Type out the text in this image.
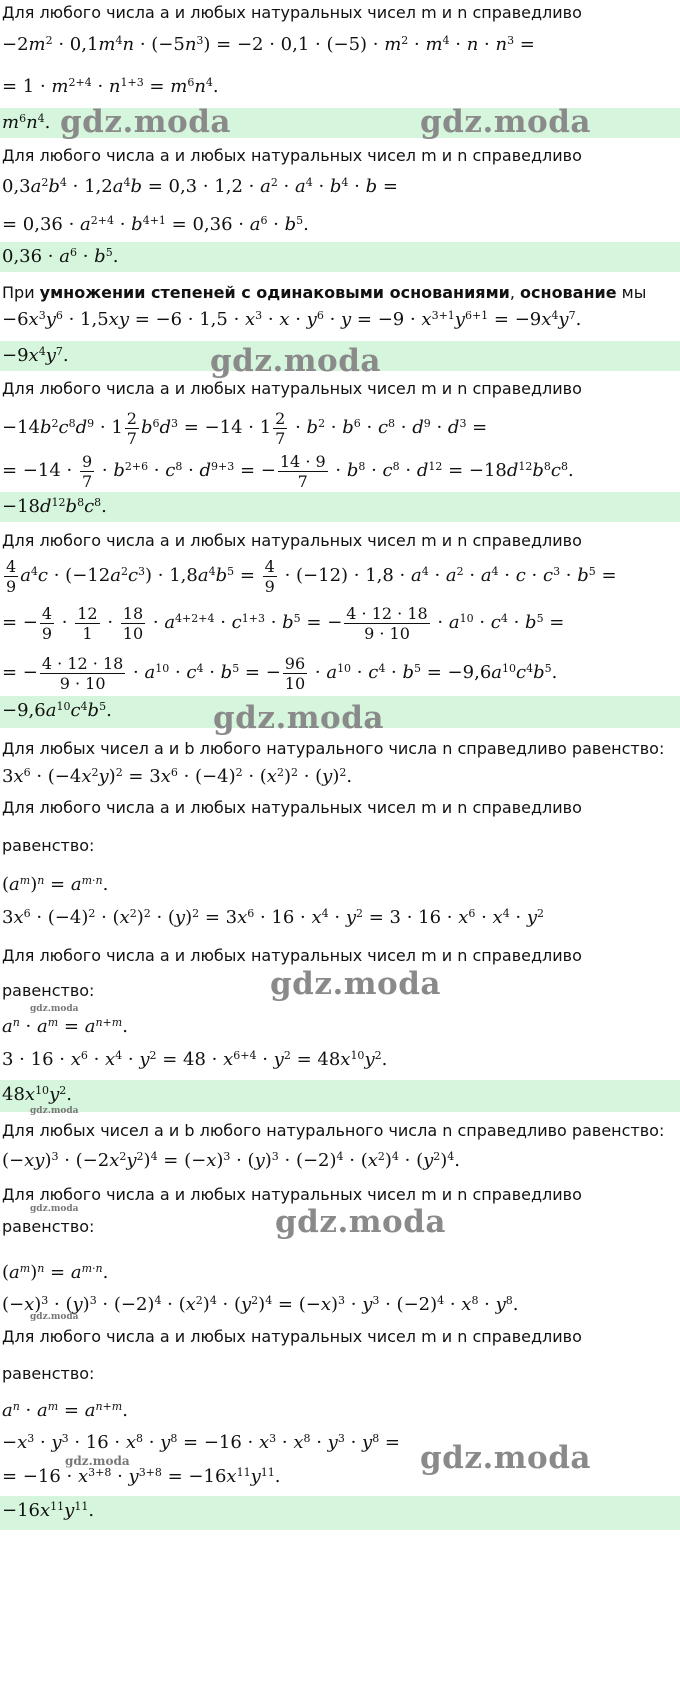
Для любого числа a и любых натуральных чисел m и n справедливо
$-2m^2 \cdot 0,1m^4n \cdot (-5n^3) = -2 \cdot 0,1 \cdot (-5) \cdot m^2 \cdot m^4 \cdot n \cdot n^3$ =
= $1 \cdot m^{2+4} \cdot n^{1+3} = m^6n^4$.
$m^6n^4$. gdz.moda	gdz.moda
Для любого числа a и любых натуральных чисел m и n справедливо
$0,3a^2b^4 \cdot 1,2a^4b = 0,3 \cdot 1,2 \cdot a^2 \cdot a^4 \cdot b^4 \cdot b$ =
= $0,36 \cdot a^{2+4} \cdot b^{4+1} = 0,36 \cdot a^6 \cdot b^5$.
$0,36 \cdot a^6 \cdot b^5$.
При умножении степеней с одинаковыми основаниями, основание мы
$-6x^3y^6 \cdot 1,5xy = -6 \cdot 1,5 \cdot x^3 \cdot x \cdot y^6 \cdot y = -9 \cdot x^{3+1}y^{6+1} = -9x^4y^7$.
$-9x^4y^7$.	gdz.moda
Для любого числа a и любых натуральных чисел m и n справедливо
$-14b^2c^8d^9 \cdot 1 \frac{2}{7} b^6d^3 = -14 \cdot 1 \frac{2}{7} \cdot b^2 \cdot b^6 \cdot c^8 \cdot d^9 \cdot d^3$ =
= $-14 \cdot \frac{9}{7} \cdot b^{2+6} \cdot c^8 \cdot d^{9+3}$ = − $\frac{14 \cdot 9}{7} \cdot b^8 \cdot c^8 \cdot d^{12} = -18d^{12}b^8c^8$.
$-18d^{12}b^8c^8$.
Для любого числа a и любых натуральных чисел m и n справедливо
$\frac{4}{9} a^4c \cdot (-12a^2c^3) \cdot 1,8a^4b^5 = \frac{4}{9} \cdot (-12) \cdot 1,8 \cdot a^4 \cdot a^2 \cdot a^4 \cdot c \cdot c^3 \cdot b^5$ =
= − $\frac{4}{9} \cdot \frac{12}{1} \cdot \frac{18}{10} \cdot a^{4+2+4} \cdot c^{1+3} \cdot b^5$ = − $\frac{4 \cdot 12 \cdot 18}{9 \cdot 10} \cdot a^{10} \cdot c^4 \cdot b^5$ =
= − $\frac{4 \cdot 12 \cdot 18}{9 \cdot 10} \cdot a^{10} \cdot c^4 \cdot b^5$ = − $\frac{96}{10} \cdot a^{10} \cdot c^4 \cdot b^5 = -9,6a^{10}c^4b^5$.
$-9,6a^{10}c^4b^5$.	gdz.moda
Для любых чисел a и b любого натурального числа n справедливо равенство:
$3x^6 \cdot (-4x^2y)^2 = 3x^6 \cdot (-4)^2 \cdot (x^2)^2 \cdot (y)^2$.
Для любого числа a и любых натуральных чисел m и n справедливо
равенство:
$(a^m)^n = a^{m\cdot n}$.
$3x^6 \cdot (-4)^2 \cdot (x^2)^2 \cdot (y)^2 = 3x^6 \cdot 16 \cdot x^4 \cdot y^2 = 3 \cdot 16 \cdot x^6 \cdot x^4 \cdot y^2$
Для любого числа a и любых натуральных чисел m и n справедливо
равенство:	gdz.moda
gdz.moda
$a^n \cdot a^m = a^{n+m}$.
$3 \cdot 16 \cdot x^6 \cdot x^4 \cdot y^2 = 48 \cdot x^{6+4} \cdot y^2 = 48x^{10}y^2$.
$48x^{10}y^2$.
gdz.moda
Для любых чисел a и b любого натурального числа n справедливо равенство:
$(-xy)^3 \cdot (-2x^2y^2)^4 = (-x)^3 \cdot (y)^3 \cdot (-2)^4 \cdot (x^2)^4 \cdot (y^2)^4$.
Для любого числа a и любых натуральных чисел m и n справедливо
gdz.moda
равенство:	gdz.moda
$(a^m)^n = a^{m\cdot n}$.
$(-x)^3 \cdot (y)^3 \cdot (-2)^4 \cdot (x^2)^4 \cdot (y^2)^4 = (-x)^3 \cdot y^3 \cdot (-2)^4 \cdot x^8 \cdot y^8$.
gdz.moda
Для любого числа a и любых натуральных чисел m и n справедливо
равенство:
$a^n \cdot a^m = a^{n+m}$.
$-x^3 \cdot y^3 \cdot 16 \cdot x^8 \cdot y^8 = -16 \cdot x^3 \cdot x^8 \cdot y^3 \cdot y^8$ = gdz.moda
gdz.moda
= $-16 \cdot x^{3+8} \cdot y^{3+8} = -16x^{11}y^{11}$.
$-16x^{11}y^{11}$.
